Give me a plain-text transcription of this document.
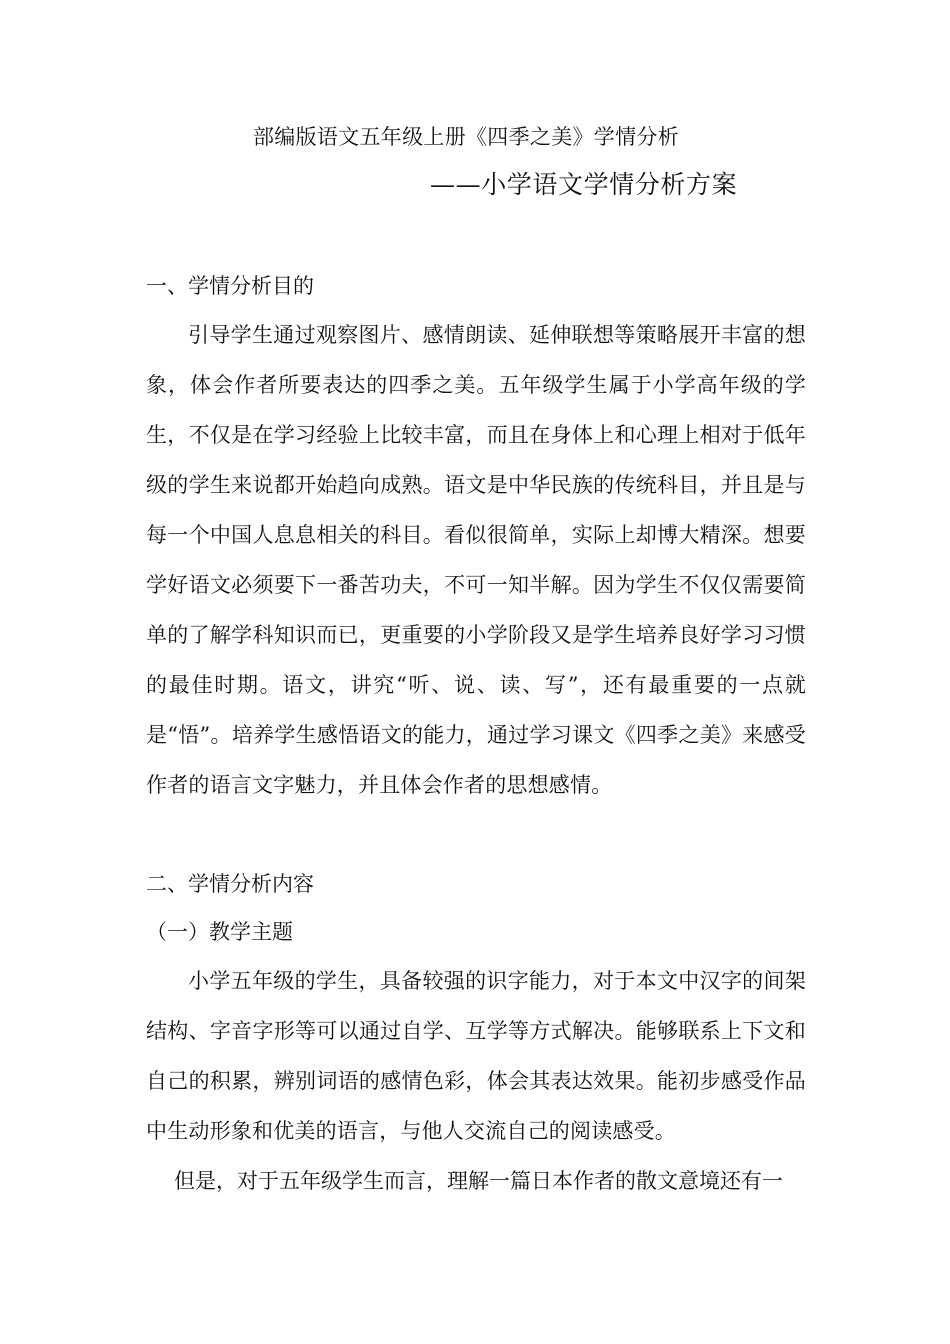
部编版语文五年级上册《四季之美》学情分析
——小学语文学情分析方案
一、学情分析目的

引导学生通过观察图片、感情朗读、延伸联想等策略展开丰富的想象，体会作者所要表达的四季之美。五年级学生属于小学高年级的学生，不仅是在学习经验上比较丰富，而且在身体上和心理上相对于低年级的学生来说都开始趋向成熟。语文是中华民族的传统科目，并且是与每一个中国人息息相关的科目。看似很简单，实际上却博大精深。想要学好语文必须要下一番苦功夫，不可一知半解。因为学生不仅仅需要简单的了解学科知识而已，更重要的小学阶段又是学生培养良好学习习惯的最佳时期。语文，讲究“听、说、读、写”，还有最重要的一点就是“悟”。培养学生感悟语文的能力，通过学习课文《四季之美》来感受作者的语言文字魅力，并且体会作者的思想感情。

二、学情分析内容
（一）教学主题

小学五年级的学生，具备较强的识字能力，对于本文中汉字的间架结构、字音字形等可以通过自学、互学等方式解决。能够联系上下文和自己的积累，辨别词语的感情色彩，体会其表达效果。能初步感受作品中生动形象和优美的语言，与他人交流自己的阅读感受。

但是，对于五年级学生而言，理解一篇日本作者的散文意境还有一
